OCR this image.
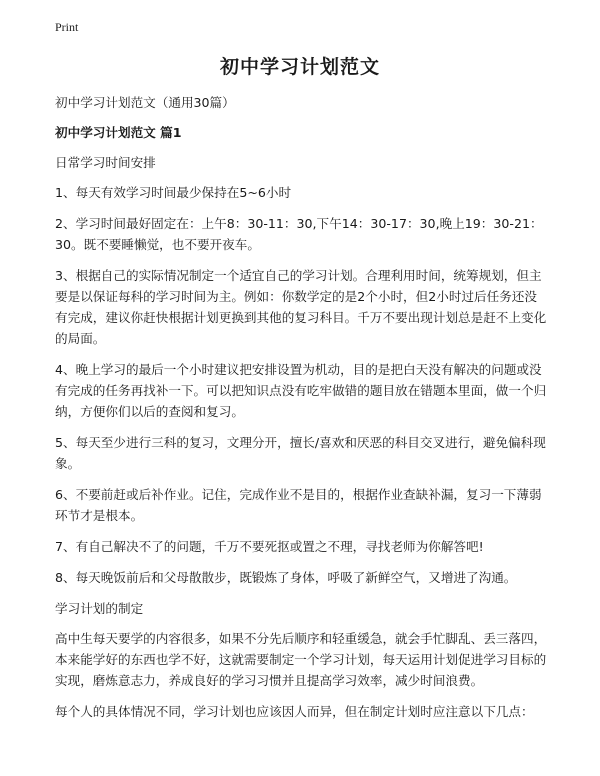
Print
初中学习计划范文

初中学习计划范文（通用30篇）

初中学习计划范文 篇1

日常学习时间安排

1、每天有效学习时间最少保持在5~6小时

2、学习时间最好固定在：上午8：30-11：30,下午14：30-17：30,晚上19：30-21：30。既不要睡懒觉，也不要开夜车。

3、根据自己的实际情况制定一个适宜自己的学习计划。合理利用时间，统筹规划，但主要是以保证每科的学习时间为主。例如：你数学定的是2个小时，但2小时过后任务还没有完成，建议你赶快根据计划更换到其他的复习科目。千万不要出现计划总是赶不上变化的局面。

4、晚上学习的最后一个小时建议把安排设置为机动，目的是把白天没有解决的问题或没有完成的任务再找补一下。可以把知识点没有吃牢做错的题目放在错题本里面，做一个归纳，方便你们以后的查阅和复习。

5、每天至少进行三科的复习，文理分开，擅长/喜欢和厌恶的科目交叉进行，避免偏科现象。

6、不要前赶或后补作业。记住，完成作业不是目的，根据作业查缺补漏，复习一下薄弱环节才是根本。

7、有自己解决不了的问题，千万不要死抠或置之不理，寻找老师为你解答吧!

8、每天晚饭前后和父母散散步，既锻炼了身体，呼吸了新鲜空气，又增进了沟通。

学习计划的制定

高中生每天要学的内容很多，如果不分先后顺序和轻重缓急，就会手忙脚乱、丢三落四，本来能学好的东西也学不好，这就需要制定一个学习计划，每天运用计划促进学习目标的实现，磨炼意志力，养成良好的学习习惯并且提高学习效率，减少时间浪费。

每个人的具体情况不同，学习计划也应该因人而异，但在制定计划时应注意以下几点：
